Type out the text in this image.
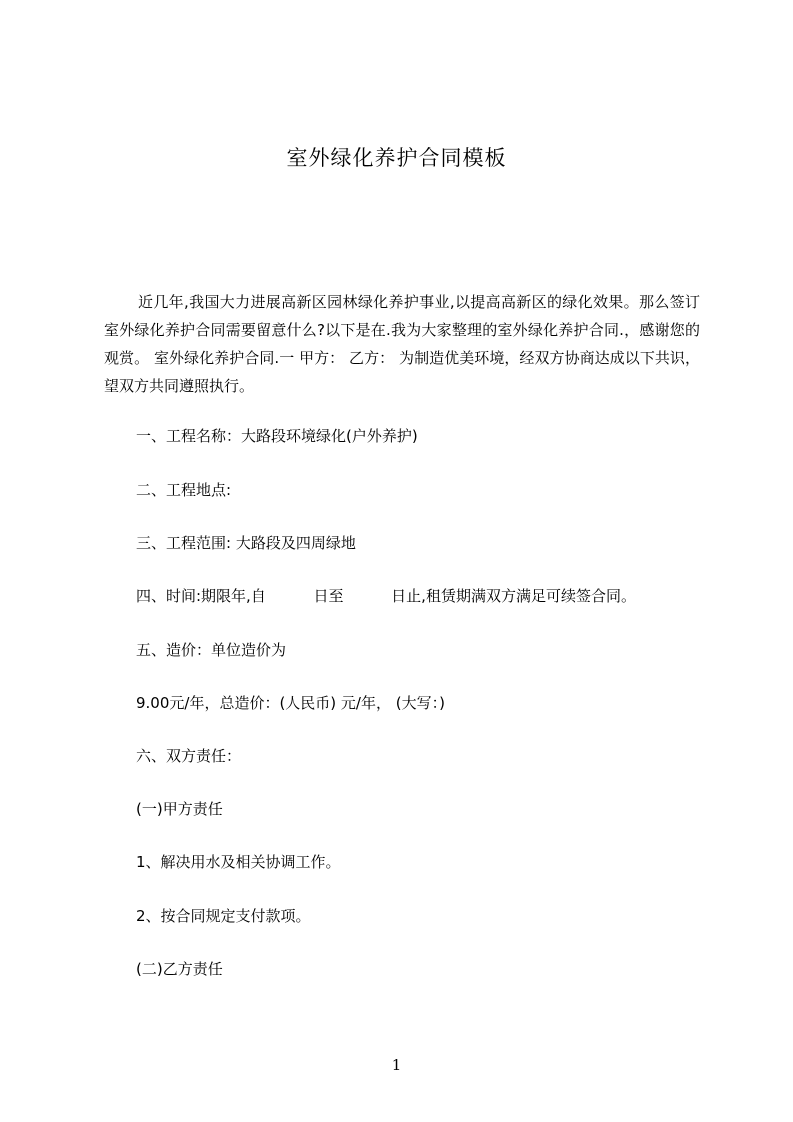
室外绿化养护合同模板
近几年,我国大力进展高新区园林绿化养护事业,以提高高新区的绿化效果。那么签订室外绿化养护合同需要留意什么?以下是在.我为大家整理的室外绿化养护合同.，感谢您的观赏。 室外绿化养护合同.一 甲方： 乙方： 为制造优美环境，经双方协商达成以下共识，望双方共同遵照执行。
一、工程名称：大路段环境绿化(户外养护)
二、工程地点:
三、工程范围: 大路段及四周绿地
四、时间:期限年,自          日至          日止,租赁期满双方满足可续签合同。
五、造价：单位造价为
9.00元/年，总造价：(人民币) 元/年， (大写：)
六、双方责任：
(一)甲方责任
1、解决用水及相关协调工作。
2、按合同规定支付款项。
(二)乙方责任
1
